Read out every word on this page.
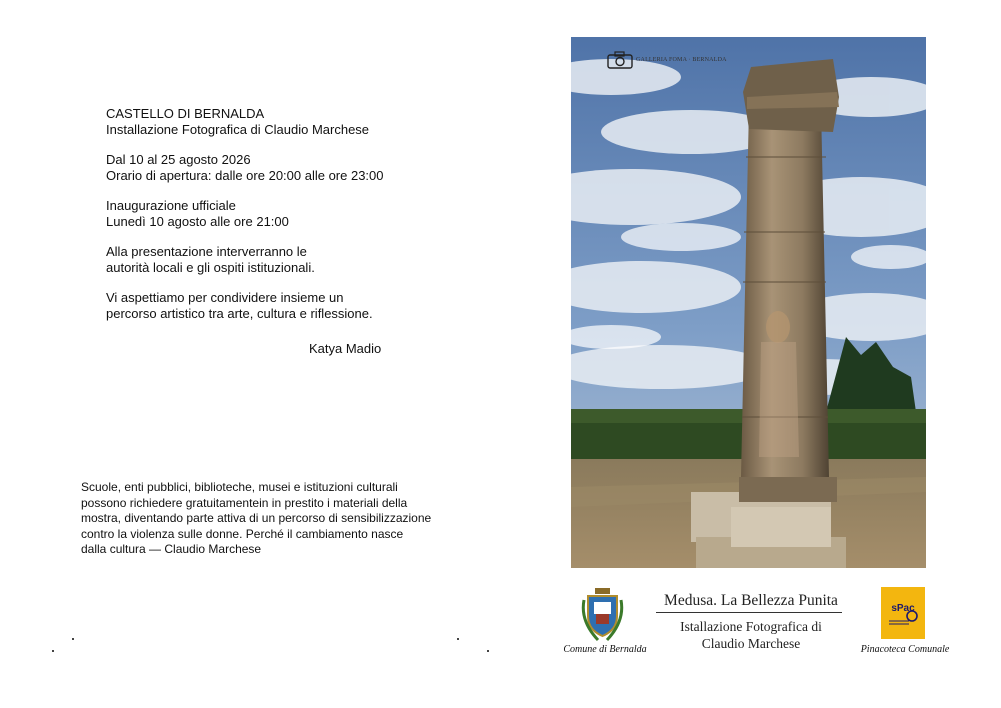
CASTELLO DI BERNALDA

Installazione Fotografica di Claudio Marchese

Dal 10 al 25 agosto 2026

Orario di apertura: dalle ore 20:00 alle ore 23:00

Inaugurazione ufficiale

Lunedì 10 agosto alle ore 21:00

Alla presentazione interverranno le

autorità locali e gli ospiti istituzionali.

Vi aspettiamo per condividere insieme un

percorso artistico tra arte, cultura e riflessione.

Katya Madio

Scuole, enti pubblici, biblioteche, musei e istituzioni culturali

possono richiedere gratuitamentein in prestito i materiali della

mostra, diventando parte attiva di un percorso di sensibilizzazione

contro la violenza sulle donne. Perché il cambiamento nasce

dalla cultura — Claudio Marchese

GALLERIA FOMA · BERNALDA
Comune di Bernalda
Medusa. La Bellezza Punita
Istallazione Fotografica di
Claudio Marchese
sPac
Pinacoteca Comunale
